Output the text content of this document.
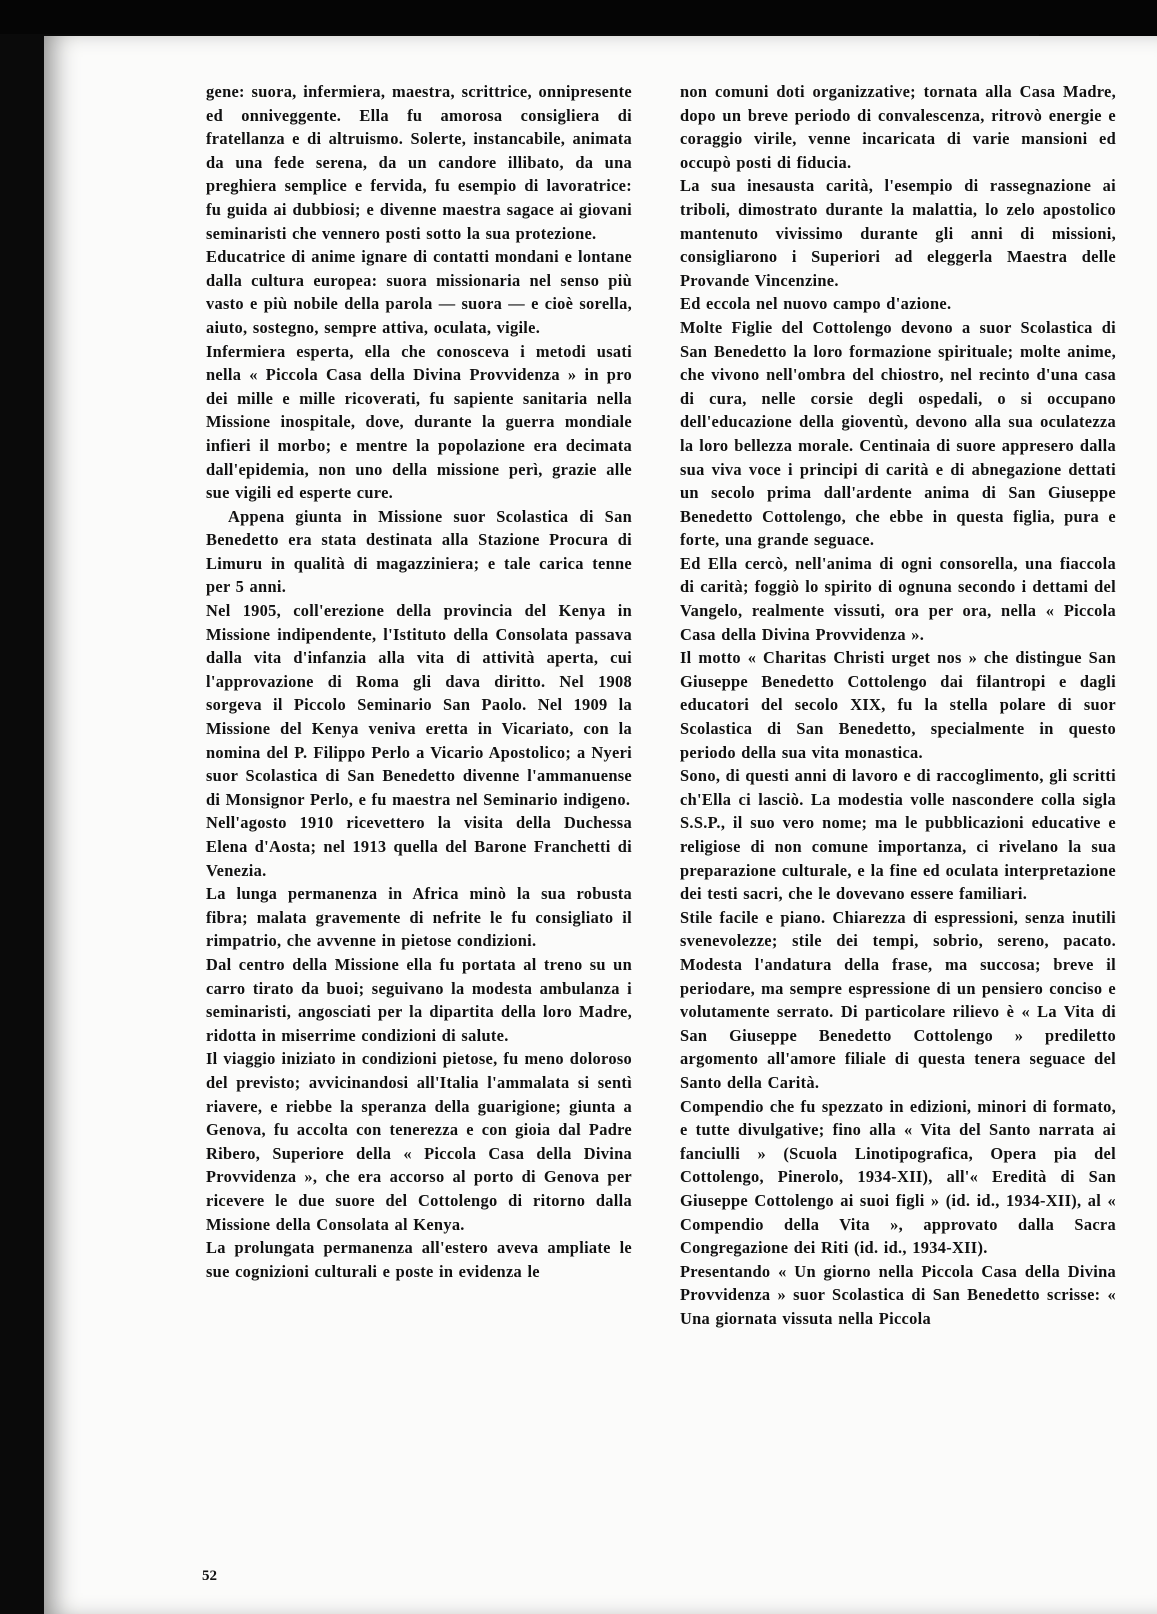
gene: suora, infermiera, maestra, scrittrice, onnipresente ed onniveggente. Ella fu amorosa consigliera di fratellanza e di altruismo. Solerte, instancabile, animata da una fede serena, da un candore illibato, da una preghiera semplice e fervida, fu esempio di lavoratrice: fu guida ai dubbiosi; e divenne maestra sagace ai giovani seminaristi che vennero posti sotto la sua protezione.

Educatrice di anime ignare di contatti mondani e lontane dalla cultura europea: suora missionaria nel senso più vasto e più nobile della parola — suora — e cioè sorella, aiuto, sostegno, sempre attiva, oculata, vigile.

Infermiera esperta, ella che conosceva i metodi usati nella « Piccola Casa della Divina Provvidenza » in pro dei mille e mille ricoverati, fu sapiente sanitaria nella Missione inospitale, dove, durante la guerra mondiale infieri il morbo; e mentre la popolazione era decimata dall'epidemia, non uno della missione perì, grazie alle sue vigili ed esperte cure.

Appena giunta in Missione suor Scolastica di San Benedetto era stata destinata alla Stazione Procura di Limuru in qualità di magazziniera; e tale carica tenne per 5 anni.

Nel 1905, coll'erezione della provincia del Kenya in Missione indipendente, l'Istituto della Consolata passava dalla vita d'infanzia alla vita di attività aperta, cui l'approvazione di Roma gli dava diritto. Nel 1908 sorgeva il Piccolo Seminario San Paolo. Nel 1909 la Missione del Kenya veniva eretta in Vicariato, con la nomina del P. Filippo Perlo a Vicario Apostolico; a Nyeri suor Scolastica di San Benedetto divenne l'ammanuense di Monsignor Perlo, e fu maestra nel Seminario indigeno.

Nell'agosto 1910 ricevettero la visita della Duchessa Elena d'Aosta; nel 1913 quella del Barone Franchetti di Venezia.

La lunga permanenza in Africa minò la sua robusta fibra; malata gravemente di nefrite le fu consigliato il rimpatrio, che avvenne in pietose condizioni.

Dal centro della Missione ella fu portata al treno su un carro tirato da buoi; seguivano la modesta ambulanza i seminaristi, angosciati per la dipartita della loro Madre, ridotta in miserrime condizioni di salute.

Il viaggio iniziato in condizioni pietose, fu meno doloroso del previsto; avvicinandosi all'Italia l'ammalata si sentì riavere, e riebbe la speranza della guarigione; giunta a Genova, fu accolta con tenerezza e con gioia dal Padre Ribero, Superiore della « Piccola Casa della Divina Provvidenza », che era accorso al porto di Genova per ricevere le due suore del Cottolengo di ritorno dalla Missione della Consolata al Kenya.

La prolungata permanenza all'estero aveva ampliate le sue cognizioni culturali e poste in evidenza le

non comuni doti organizzative; tornata alla Casa Madre, dopo un breve periodo di convalescenza, ritrovò energie e coraggio virile, venne incaricata di varie mansioni ed occupò posti di fiducia.

La sua inesausta carità, l'esempio di rassegnazione ai triboli, dimostrato durante la malattia, lo zelo apostolico mantenuto vivissimo durante gli anni di missioni, consigliarono i Superiori ad eleggerla Maestra delle Provande Vincenzine.

Ed eccola nel nuovo campo d'azione.

Molte Figlie del Cottolengo devono a suor Scolastica di San Benedetto la loro formazione spirituale; molte anime, che vivono nell'ombra del chiostro, nel recinto d'una casa di cura, nelle corsie degli ospedali, o si occupano dell'educazione della gioventù, devono alla sua oculatezza la loro bellezza morale. Centinaia di suore appresero dalla sua viva voce i principi di carità e di abnegazione dettati un secolo prima dall'ardente anima di San Giuseppe Benedetto Cottolengo, che ebbe in questa figlia, pura e forte, una grande seguace.

Ed Ella cercò, nell'anima di ogni consorella, una fiaccola di carità; foggiò lo spirito di ognuna secondo i dettami del Vangelo, realmente vissuti, ora per ora, nella « Piccola Casa della Divina Provvidenza ».

Il motto « Charitas Christi urget nos » che distingue San Giuseppe Benedetto Cottolengo dai filantropi e dagli educatori del secolo XIX, fu la stella polare di suor Scolastica di San Benedetto, specialmente in questo periodo della sua vita monastica.

Sono, di questi anni di lavoro e di raccoglimento, gli scritti ch'Ella ci lasciò. La modestia volle nascondere colla sigla S.S.P., il suo vero nome; ma le pubblicazioni educative e religiose di non comune importanza, ci rivelano la sua preparazione culturale, e la fine ed oculata interpretazione dei testi sacri, che le dovevano essere familiari.

Stile facile e piano. Chiarezza di espressioni, senza inutili svenevolezze; stile dei tempi, sobrio, sereno, pacato. Modesta l'andatura della frase, ma succosa; breve il periodare, ma sempre espressione di un pensiero conciso e volutamente serrato. Di particolare rilievo è « La Vita di San Giuseppe Benedetto Cottolengo » prediletto argomento all'amore filiale di questa tenera seguace del Santo della Carità.

Compendio che fu spezzato in edizioni, minori di formato, e tutte divulgative; fino alla « Vita del Santo narrata ai fanciulli » (Scuola Linotipografica, Opera pia del Cottolengo, Pinerolo, 1934-XII), all'« Eredità di San Giuseppe Cottolengo ai suoi figli » (id. id., 1934-XII), al « Compendio della Vita », approvato dalla Sacra Congregazione dei Riti (id. id., 1934-XII).

Presentando « Un giorno nella Piccola Casa della Divina Provvidenza » suor Scolastica di San Benedetto scrisse: « Una giornata vissuta nella Piccola

52
